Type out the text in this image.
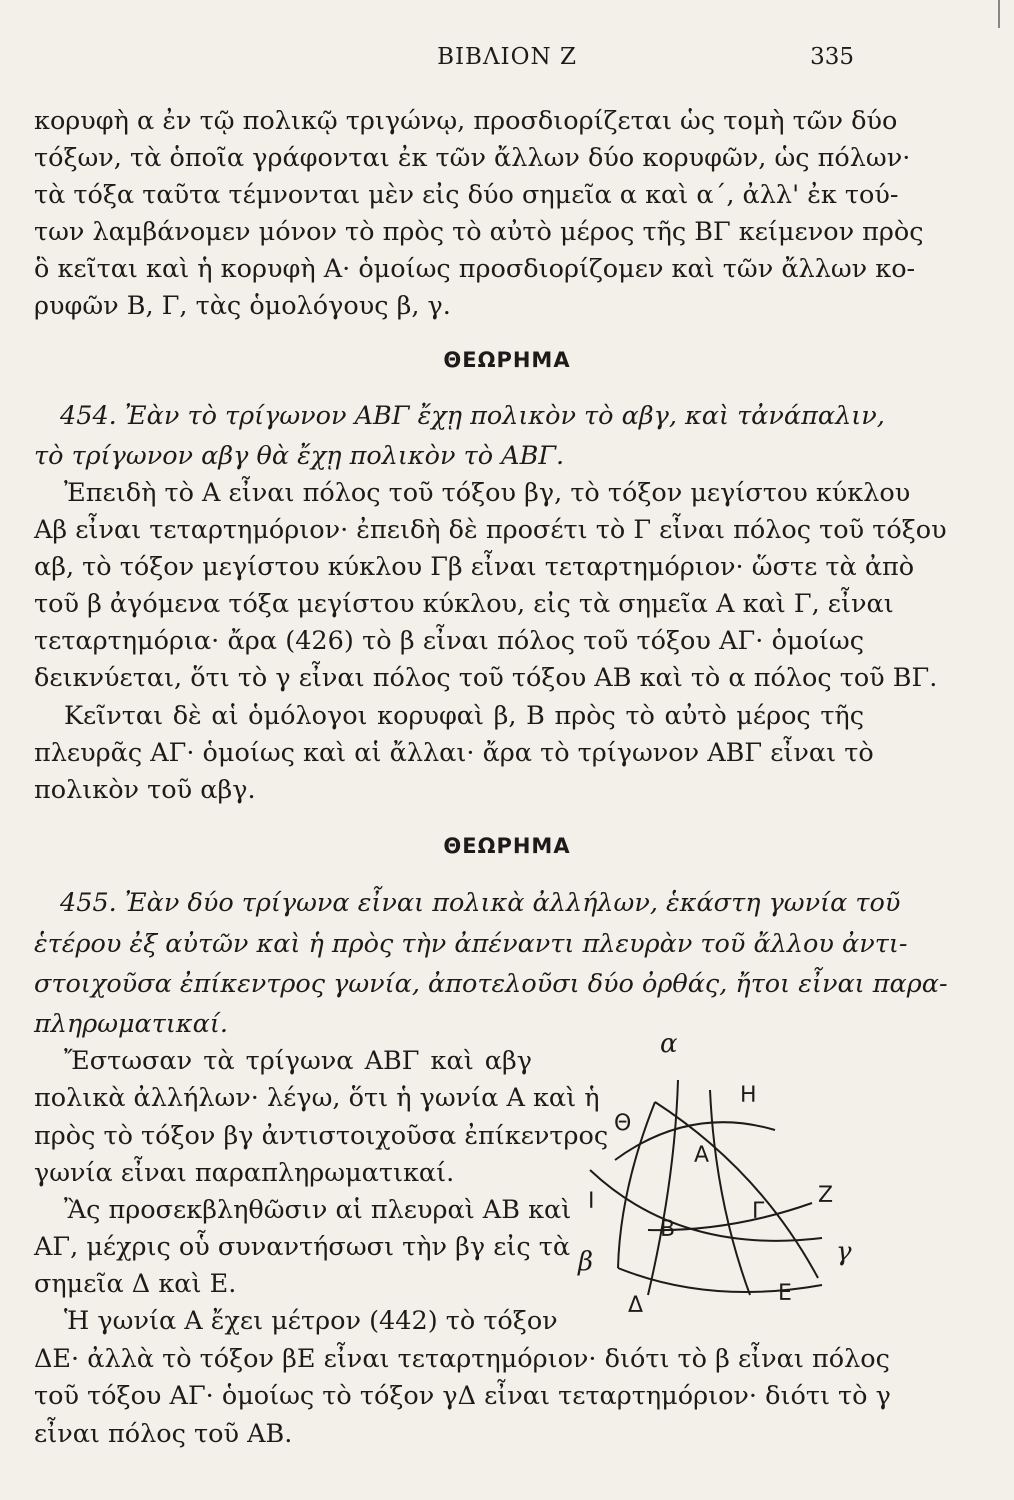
ΒΙΒΛΙΟΝ Ζ	335
κορυφὴ α ἐν τῷ πολικῷ τριγώνῳ, προσδιορίζεται ὡς τομὴ τῶν δύο
τόξων, τὰ ὁποῖα γράφονται ἐκ τῶν ἄλλων δύο κορυφῶν, ὡς πόλων·
τὰ τόξα ταῦτα τέμνονται μὲν εἰς δύο σημεῖα α καὶ α΄, ἀλλ' ἐκ τού-
των λαμβάνομεν μόνον τὸ πρὸς τὸ αὐτὸ μέρος τῆς ΒΓ κείμενον πρὸς
ὃ κεῖται καὶ ἡ κορυφὴ Α· ὁμοίως προσδιορίζομεν καὶ τῶν ἄλλων κο-
ρυφῶν Β, Γ, τὰς ὁμολόγους β, γ.
ΘΕΩΡΗΜΑ
454. Ἐὰν τὸ τρίγωνον ΑΒΓ ἔχῃ πολικὸν τὸ αβγ, καὶ τἀνάπαλιν,
τὸ τρίγωνον αβγ θὰ ἔχῃ πολικὸν τὸ ΑΒΓ.
Ἐπειδὴ τὸ Α εἶναι πόλος τοῦ τόξου βγ, τὸ τόξον μεγίστου κύκλου
Αβ εἶναι τεταρτημόριον· ἐπειδὴ δὲ προσέτι τὸ Γ εἶναι πόλος τοῦ τόξου
αβ, τὸ τόξον μεγίστου κύκλου Γβ εἶναι τεταρτημόριον· ὥστε τὰ ἀπὸ
τοῦ β ἀγόμενα τόξα μεγίστου κύκλου, εἰς τὰ σημεῖα Α καὶ Γ, εἶναι
τεταρτημόρια· ἄρα (426) τὸ β εἶναι πόλος τοῦ τόξου ΑΓ· ὁμοίως
δεικνύεται, ὅτι τὸ γ εἶναι πόλος τοῦ τόξου ΑΒ καὶ τὸ α πόλος τοῦ ΒΓ.
Κεῖνται δὲ αἱ ὁμόλογοι κορυφαὶ β, Β πρὸς τὸ αὐτὸ μέρος τῆς
πλευρᾶς ΑΓ· ὁμοίως καὶ αἱ ἄλλαι· ἄρα τὸ τρίγωνον ΑΒΓ εἶναι τὸ
πολικὸν τοῦ αβγ.
ΘΕΩΡΗΜΑ
455. Ἐὰν δύο τρίγωνα εἶναι πολικὰ ἀλλήλων, ἑκάστη γωνία τοῦ
ἑτέρου ἐξ αὐτῶν καὶ ἡ πρὸς τὴν ἀπέναντι πλευρὰν τοῦ ἄλλου ἀντι-
στοιχοῦσα ἐπίκεντρος γωνία, ἀποτελοῦσι δύο ὀρθάς, ἤτοι εἶναι παρα-
πληρωματικαί.
Ἔστωσαν τὰ τρίγωνα ΑΒΓ καὶ αβγ
πολικὰ ἀλλήλων· λέγω, ὅτι ἡ γωνία Α καὶ ἡ
πρὸς τὸ τόξον βγ ἀντιστοιχοῦσα ἐπίκεντρος
γωνία εἶναι παραπληρωματικαί.
Ἂς προσεκβληθῶσιν αἱ πλευραὶ ΑΒ καὶ
ΑΓ, μέχρις οὗ συναντήσωσι τὴν βγ εἰς τὰ
σημεῖα Δ καὶ Ε.
Ἡ γωνία Α ἔχει μέτρον (442) τὸ τόξον
ΔΕ· ἀλλὰ τὸ τόξον βΕ εἶναι τεταρτημόριον· διότι τὸ β εἶναι πόλος
τοῦ τόξου ΑΓ· ὁμοίως τὸ τόξον γΔ εἶναι τεταρτημόριον· διότι τὸ γ
εἶναι πόλος τοῦ ΑΒ.
α
Η
Θ
Α
Γ
Ζ
Ι
Β
γ
β
Ε
Δ
